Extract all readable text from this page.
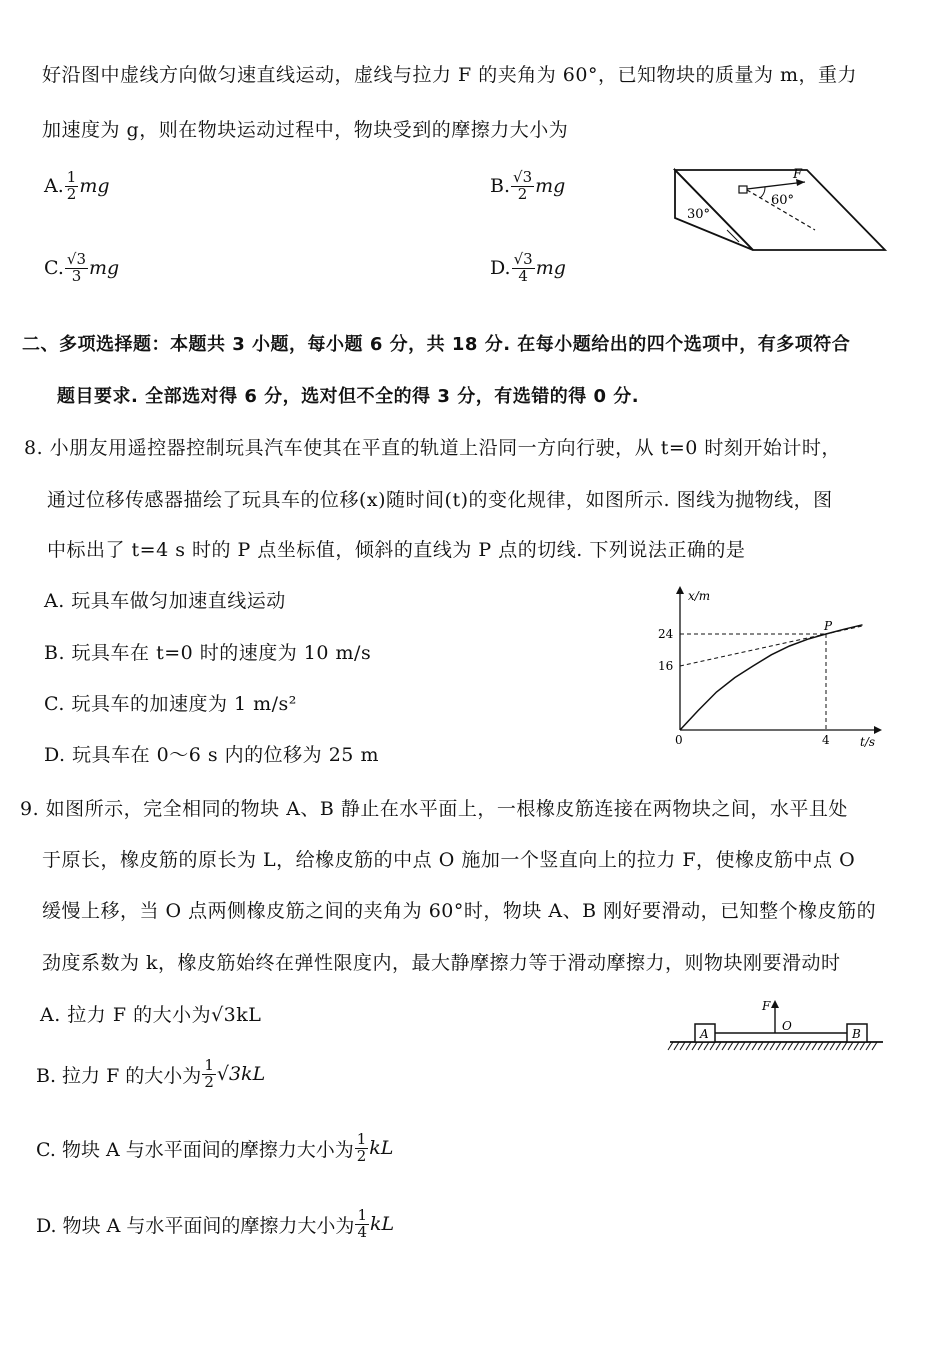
好沿图中虚线方向做匀速直线运动，虚线与拉力 F 的夹角为 60°，已知物块的质量为 m，重力
加速度为 g，则在物块运动过程中，物块受到的摩擦力大小为
A. $\frac{1}{2}$ mg	B. $\frac{√3}{2}$ mg
C. $\frac{√3}{3}$ mg	D. $\frac{√3}{4}$ mg
F
60°
30°
二、多项选择题：本题共 3 小题，每小题 6 分，共 18 分. 在每小题给出的四个选项中，有多项符合
题目要求. 全部选对得 6 分，选对但不全的得 3 分，有选错的得 0 分.
8. 小朋友用遥控器控制玩具汽车使其在平直的轨道上沿同一方向行驶，从 t=0 时刻开始计时，
通过位移传感器描绘了玩具车的位移(x)随时间(t)的变化规律，如图所示. 图线为抛物线，图
中标出了 t=4 s 时的 P 点坐标值，倾斜的直线为 P 点的切线. 下列说法正确的是
A. 玩具车做匀加速直线运动
B. 玩具车在 t=0 时的速度为 10 m/s
C. 玩具车的加速度为 1 m/s²
D. 玩具车在 0～6 s 内的位移为 25 m
x/m
t/s
0	4
16
24
P
9. 如图所示，完全相同的物块 A、B 静止在水平面上，一根橡皮筋连接在两物块之间，水平且处
于原长，橡皮筋的原长为 L，给橡皮筋的中点 O 施加一个竖直向上的拉力 F，使橡皮筋中点 O
缓慢上移，当 O 点两侧橡皮筋之间的夹角为 60°时，物块 A、B 刚好要滑动，已知整个橡皮筋的
劲度系数为 k，橡皮筋始终在弹性限度内，最大静摩擦力等于滑动摩擦力，则物块刚要滑动时
A. 拉力 F 的大小为√3kL
B. 拉力 F 的大小为 $\frac{1}{2} √3kL$
C. 物块 A 与水平面间的摩擦力大小为 $\frac{1}{2}$ kL
D. 物块 A 与水平面间的摩擦力大小为 $\frac{1}{4}$ kL
A	B
O
F
